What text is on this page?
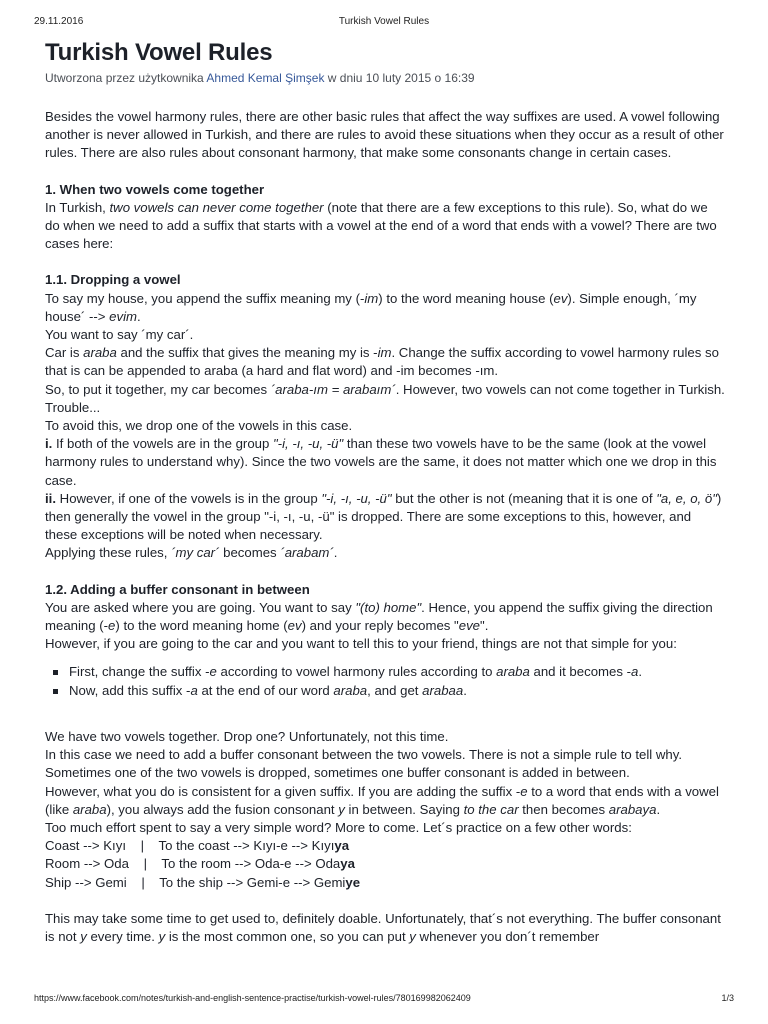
29.11.2016	Turkish Vowel Rules
Turkish Vowel Rules
Utworzona przez użytkownika Ahmed Kemal Şimşek w dniu 10 luty 2015 o 16:39

Besides the vowel harmony rules, there are other basic rules that affect the way suffixes are used. A vowel following another is never allowed in Turkish, and there are rules to avoid these situations when they occur as a result of other rules. There are also rules about consonant harmony, that make some consonants change in certain cases.

1. When two vowels come together

In Turkish, two vowels can never come together (note that there are a few exceptions to this rule). So, what do we do when we need to add a suffix that starts with a vowel at the end of a word that ends with a vowel? There are two cases here:

1.1. Dropping a vowel

To say my house, you append the suffix meaning my (-im) to the word meaning house (ev). Simple enough, ´my house´ --> evim.

You want to say ´my car´.

Car is araba and the suffix that gives the meaning my is -im. Change the suffix according to vowel harmony rules so that is can be appended to araba (a hard and flat word) and -im becomes -ım.

So, to put it together, my car becomes ´araba-ım = arabaım´. However, two vowels can not come together in Turkish. Trouble...

To avoid this, we drop one of the vowels in this case.

i. If both of the vowels are in the group "-i, -ı, -u, -ü" than these two vowels have to be the same (look at the vowel harmony rules to understand why). Since the two vowels are the same, it does not matter which one we drop in this case.

ii. However, if one of the vowels is in the group "-i, -ı, -u, -ü" but the other is not (meaning that it is one of "a, e, o, ö") then generally the vowel in the group "-i, -ı, -u, -ü" is dropped. There are some exceptions to this, however, and these exceptions will be noted when necessary.

Applying these rules, ´my car´ becomes ´arabam´.

1.2. Adding a buffer consonant in between

You are asked where you are going. You want to say "(to) home". Hence, you append the suffix giving the direction meaning (-e) to the word meaning home (ev) and your reply becomes "eve".

However, if you are going to the car and you want to tell this to your friend, things are not that simple for you:

First, change the suffix -e according to vowel harmony rules according to araba and it becomes -a.
Now, add this suffix -a at the end of our word araba, and get arabaa.

We have two vowels together. Drop one? Unfortunately, not this time.

In this case we need to add a buffer consonant between the two vowels. There is not a simple rule to tell why. Sometimes one of the two vowels is dropped, sometimes one buffer consonant is added in between.

However, what you do is consistent for a given suffix. If you are adding the suffix -e to a word that ends with a vowel (like araba), you always add the fusion consonant y in between. Saying to the car then becomes arabaya.

Too much effort spent to say a very simple word? More to come. Let´s practice on a few other words:

Coast --> Kıyı    |    To the coast --> Kıyı-e --> Kıyıya

Room --> Oda    |    To the room --> Oda-e --> Odaya

Ship --> Gemi    |    To the ship --> Gemi-e --> Gemiye

This may take some time to get used to, definitely doable. Unfortunately, that´s not everything. The buffer consonant is not y every time. y is the most common one, so you can put y whenever you don´t remember

https://www.facebook.com/notes/turkish-and-english-sentence-practise/turkish-vowel-rules/780169982062409	1/3
